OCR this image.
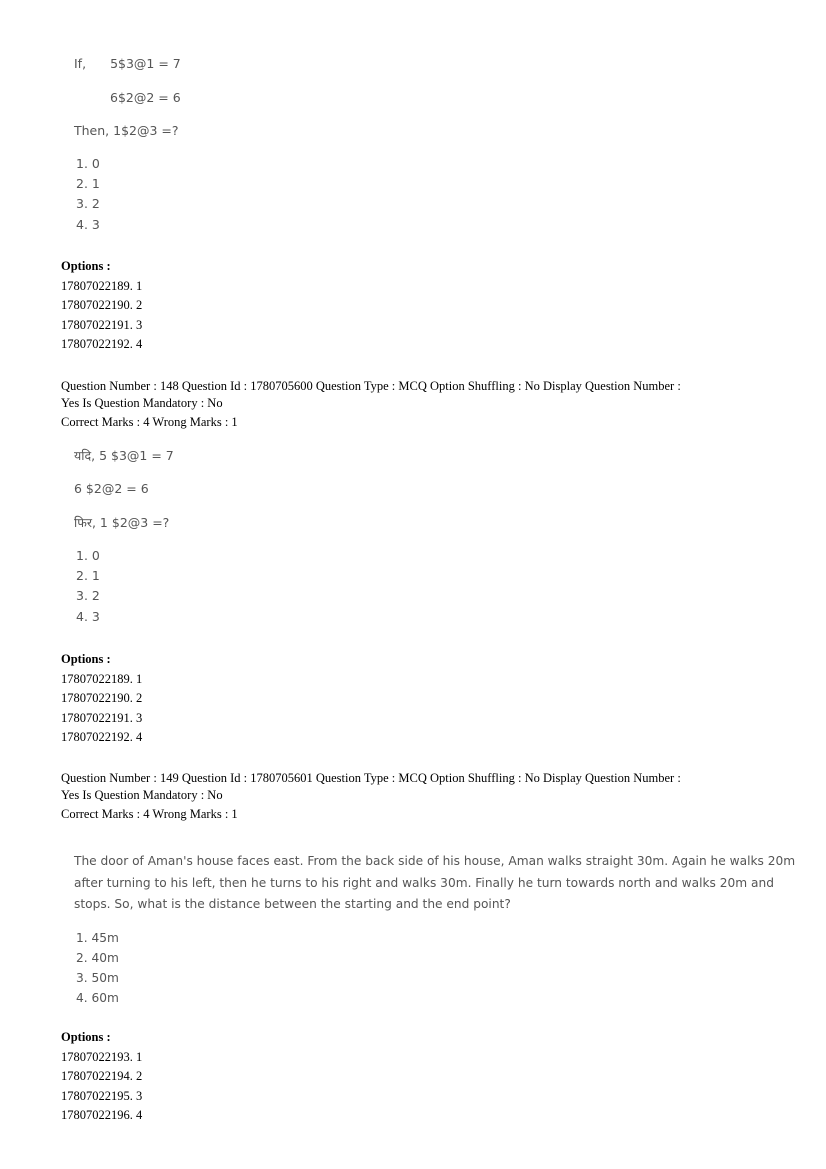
If, 5$3@1 = 7
6$2@2 = 6
Then, 1$2@3 =?
1. 0
2. 1
3. 2
4. 3
Options :
17807022189. 1
17807022190. 2
17807022191. 3
17807022192. 4
Question Number : 148 Question Id : 1780705600 Question Type : MCQ Option Shuffling : No Display Question Number :
Yes Is Question Mandatory : No
Correct Marks : 4 Wrong Marks : 1
यदि, 5 $3@1 = 7
6 $2@2 = 6
फिर, 1 $2@3 =?
1. 0
2. 1
3. 2
4. 3
Options :
17807022189. 1
17807022190. 2
17807022191. 3
17807022192. 4
Question Number : 149 Question Id : 1780705601 Question Type : MCQ Option Shuffling : No Display Question Number :
Yes Is Question Mandatory : No
Correct Marks : 4 Wrong Marks : 1
The door of Aman's house faces east. From the back side of his house, Aman walks straight 30m. Again he walks 20m
after turning to his left, then he turns to his right and walks 30m. Finally he turn towards north and walks 20m and
stops. So, what is the distance between the starting and the end point?
1. 45m
2. 40m
3. 50m
4. 60m
Options :
17807022193. 1
17807022194. 2
17807022195. 3
17807022196. 4
